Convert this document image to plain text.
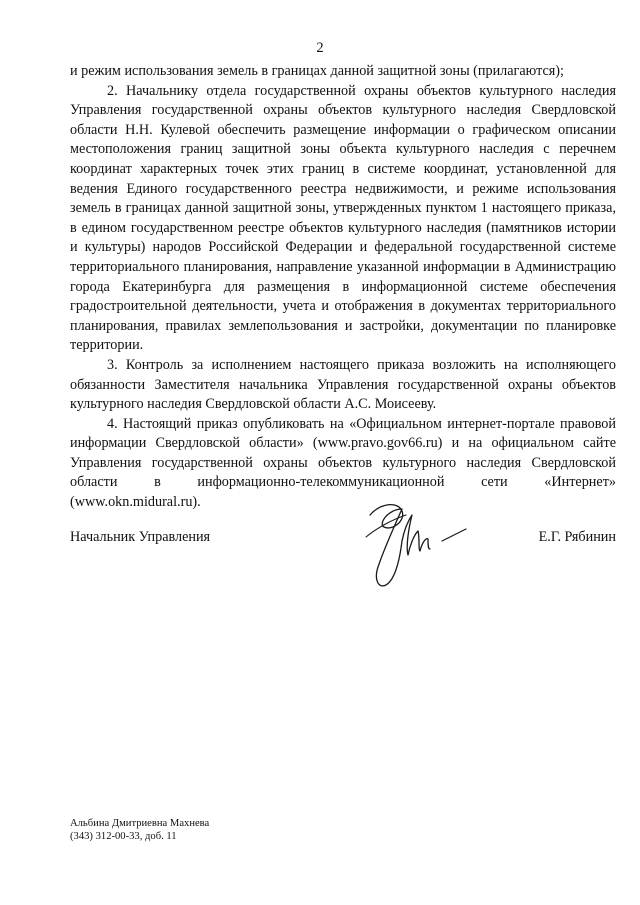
2

и режим использования земель в границах данной защитной зоны (прилагаются);

2. Начальнику отдела государственной охраны объектов культурного наследия Управления государственной охраны объектов культурного наследия Свердловской области Н.Н. Кулевой обеспечить размещение информации о графическом описании местоположения границ защитной зоны объекта культурного наследия с перечнем координат характерных точек этих границ в системе координат, установленной для ведения Единого государственного реестра недвижимости, и режиме использования земель в границах данной защитной зоны, утвержденных пунктом 1 настоящего приказа, в едином государственном реестре объектов культурного наследия (памятников истории и культуры) народов Российской Федерации и федеральной государственной системе территориального планирования, направление указанной информации в Администрацию города Екатеринбурга для размещения в информационной системе обеспечения градостроительной деятельности, учета и отображения в документах территориального планирования, правилах землепользования и застройки, документации по планировке территории.

3. Контроль за исполнением настоящего приказа возложить на исполняющего обязанности Заместителя начальника Управления государственной охраны объектов культурного наследия Свердловской области А.С. Моисееву.

4. Настоящий приказ опубликовать на «Официальном интернет-портале правовой информации Свердловской области» (www.pravo.gov66.ru) и на официальном сайте Управления государственной охраны объектов культурного наследия Свердловской области в информационно-телекоммуникационной сети «Интернет» (www.okn.midural.ru).

Начальник Управления	Е.Г. Рябинин
Альбина Дмитриевна Махнева
(343) 312-00-33, доб. 11
